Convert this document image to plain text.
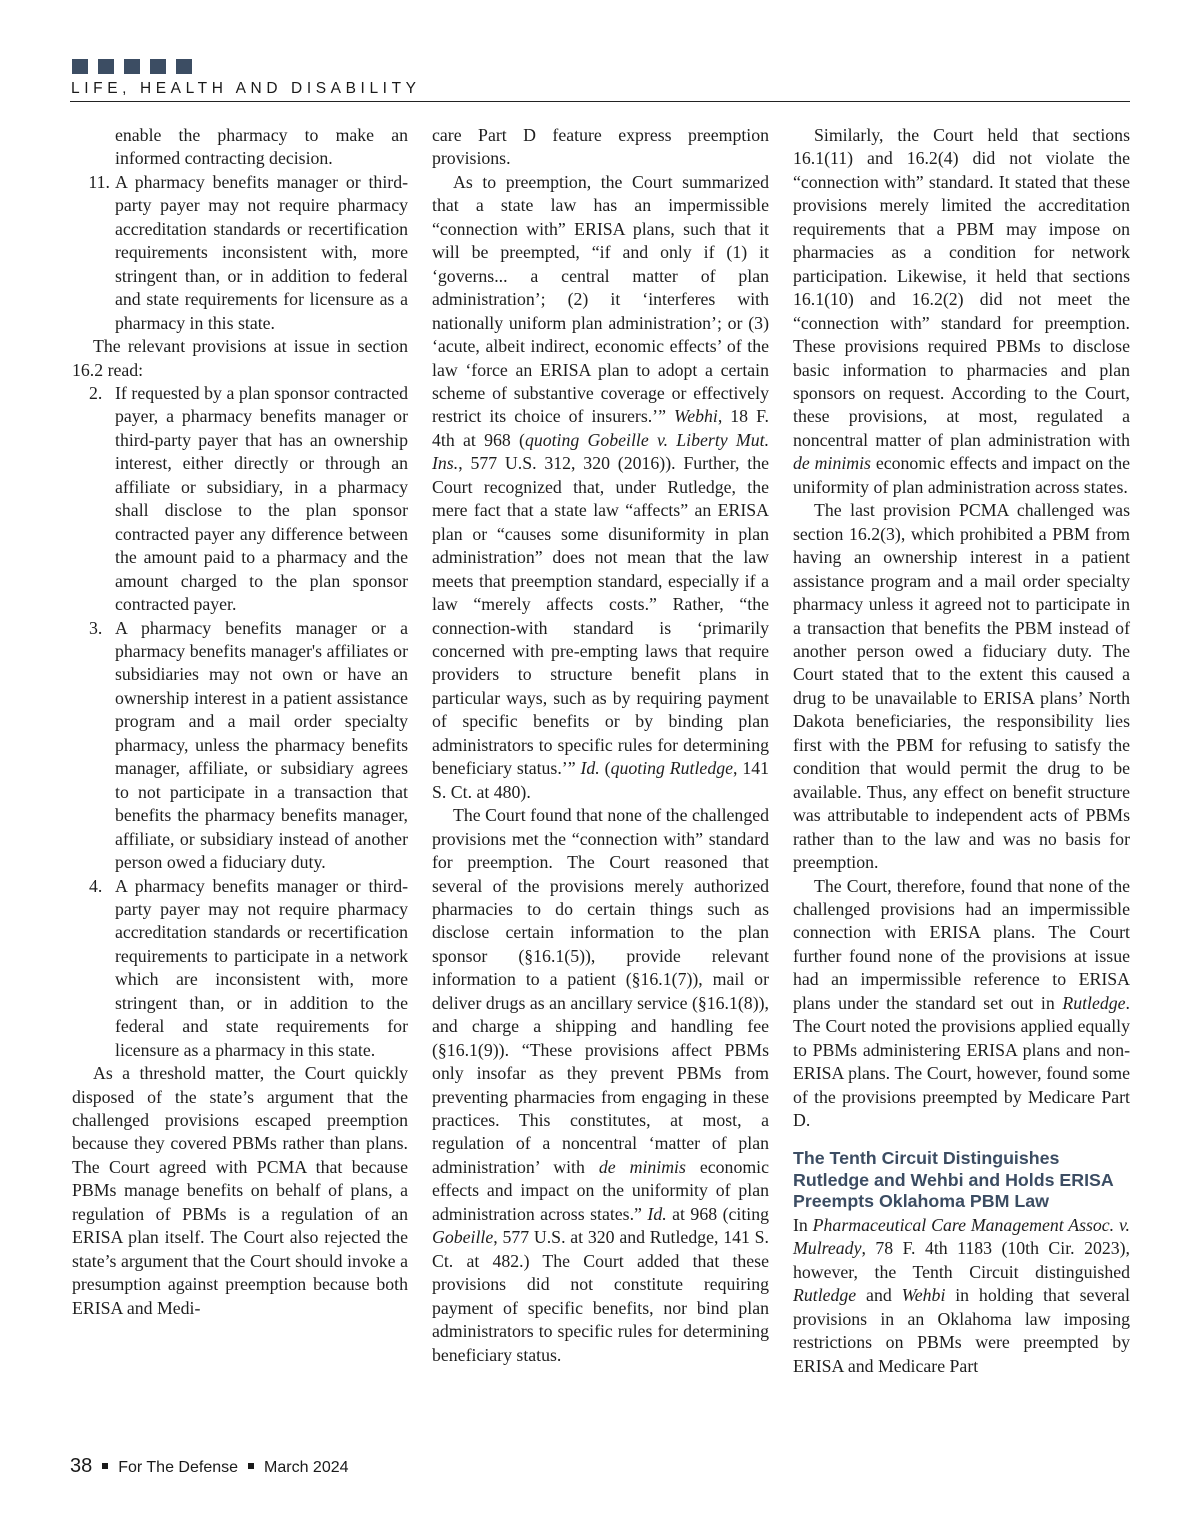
LIFE, HEALTH AND DISABILITY

enable the pharmacy to make an informed contracting decision.

11. A pharmacy benefits manager or third-party payer may not require pharmacy accreditation standards or recertification requirements inconsistent with, more stringent than, or in addition to federal and state requirements for licensure as a pharmacy in this state.

The relevant provisions at issue in section 16.2 read:

2. If requested by a plan sponsor contracted payer, a pharmacy benefits manager or third-party payer that has an ownership interest, either directly or through an affiliate or subsidiary, in a pharmacy shall disclose to the plan sponsor contracted payer any difference between the amount paid to a pharmacy and the amount charged to the plan sponsor contracted payer.

3. A pharmacy benefits manager or a pharmacy benefits manager's affiliates or subsidiaries may not own or have an ownership interest in a patient assistance program and a mail order specialty pharmacy, unless the pharmacy benefits manager, affiliate, or subsidiary agrees to not participate in a transaction that benefits the pharmacy benefits manager, affiliate, or subsidiary instead of another person owed a fiduciary duty.

4. A pharmacy benefits manager or third-party payer may not require pharmacy accreditation standards or recertification requirements to participate in a network which are inconsistent with, more stringent than, or in addition to the federal and state requirements for licensure as a pharmacy in this state.

As a threshold matter, the Court quickly disposed of the state’s argument that the challenged provisions escaped preemption because they covered PBMs rather than plans. The Court agreed with PCMA that because PBMs manage benefits on behalf of plans, a regulation of PBMs is a regulation of an ERISA plan itself. The Court also rejected the state’s argument that the Court should invoke a presumption against preemption because both ERISA and Medi-

care Part D feature express preemption provisions.

As to preemption, the Court summarized that a state law has an impermissible “connection with” ERISA plans, such that it will be preempted, “if and only if (1) it ‘governs... a central matter of plan administration’; (2) it ‘interferes with nationally uniform plan administration’; or (3) ‘acute, albeit indirect, economic effects’ of the law ‘force an ERISA plan to adopt a certain scheme of substantive coverage or effectively restrict its choice of insurers.’” Webhi, 18 F. 4th at 968 (quoting Gobeille v. Liberty Mut. Ins., 577 U.S. 312, 320 (2016)). Further, the Court recognized that, under Rutledge, the mere fact that a state law “affects” an ERISA plan or “causes some disuniformity in plan administration” does not mean that the law meets that preemption standard, especially if a law “merely affects costs.” Rather, “the connection-with standard is ‘primarily concerned with pre-empting laws that require providers to structure benefit plans in particular ways, such as by requiring payment of specific benefits or by binding plan administrators to specific rules for determining beneficiary status.’” Id. (quoting Rutledge, 141 S. Ct. at 480).

The Court found that none of the challenged provisions met the “connection with” standard for preemption. The Court reasoned that several of the provisions merely authorized pharmacies to do certain things such as disclose certain information to the plan sponsor (§16.1(5)), provide relevant information to a patient (§16.1(7)), mail or deliver drugs as an ancillary service (§16.1(8)), and charge a shipping and handling fee (§16.1(9)). “These provisions affect PBMs only insofar as they prevent PBMs from preventing pharmacies from engaging in these practices. This constitutes, at most, a regulation of a noncentral ‘matter of plan administration’ with de minimis economic effects and impact on the uniformity of plan administration across states.” Id. at 968 (citing Gobeille, 577 U.S. at 320 and Rutledge, 141 S. Ct. at 482.) The Court added that these provisions did not constitute requiring payment of specific benefits, nor bind plan administrators to specific rules for determining beneficiary status.

Similarly, the Court held that sections 16.1(11) and 16.2(4) did not violate the “connection with” standard. It stated that these provisions merely limited the accreditation requirements that a PBM may impose on pharmacies as a condition for network participation. Likewise, it held that sections 16.1(10) and 16.2(2) did not meet the “connection with” standard for preemption. These provisions required PBMs to disclose basic information to pharmacies and plan sponsors on request. According to the Court, these provisions, at most, regulated a noncentral matter of plan administration with de minimis economic effects and impact on the uniformity of plan administration across states.

The last provision PCMA challenged was section 16.2(3), which prohibited a PBM from having an ownership interest in a patient assistance program and a mail order specialty pharmacy unless it agreed not to participate in a transaction that benefits the PBM instead of another person owed a fiduciary duty. The Court stated that to the extent this caused a drug to be unavailable to ERISA plans’ North Dakota beneficiaries, the responsibility lies first with the PBM for refusing to satisfy the condition that would permit the drug to be available. Thus, any effect on benefit structure was attributable to independent acts of PBMs rather than to the law and was no basis for preemption.

The Court, therefore, found that none of the challenged provisions had an impermissible connection with ERISA plans. The Court further found none of the provisions at issue had an impermissible reference to ERISA plans under the standard set out in Rutledge. The Court noted the provisions applied equally to PBMs administering ERISA plans and non-ERISA plans. The Court, however, found some of the provisions preempted by Medicare Part D.

The Tenth Circuit Distinguishes Rutledge and Wehbi and Holds ERISA Preempts Oklahoma PBM Law

In Pharmaceutical Care Management Assoc. v. Mulready, 78 F. 4th 1183 (10th Cir. 2023), however, the Tenth Circuit distinguished Rutledge and Wehbi in holding that several provisions in an Oklahoma law imposing restrictions on PBMs were preempted by ERISA and Medicare Part

38 For The Defense March 2024
